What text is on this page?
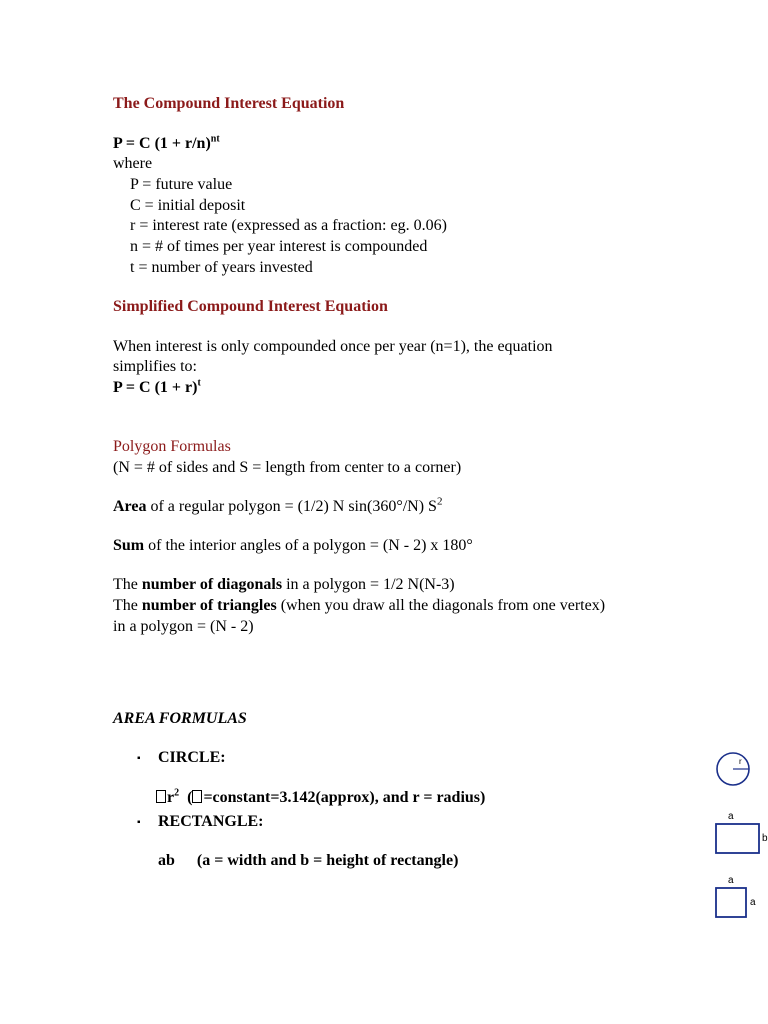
The Compound Interest Equation
P = C $(1 + r/n)^{nt}$
where
P = future value
C = initial deposit
r = interest rate (expressed as a fraction: eg. 0.06)
n = # of times per year interest is compounded
t = number of years invested
Simplified Compound Interest Equation
When interest is only compounded once per year (n=1), the equation
simplifies to:
P = C $(1 + r)^t$
Polygon Formulas
(N = # of sides and S = length from center to a corner)
Area of a regular polygon = (1/2) N sin(360°/N) $S^2$
Sum of the interior angles of a polygon = (N - 2) x 180°
The number of diagonals in a polygon = 1/2 N(N-3)
The number of triangles (when you draw all the diagonals from one vertex)
in a polygon = (N - 2)
AREA FORMULAS
▪ CIRCLE:
$r^2$  ( =constant=3.142(approx), and r = radius)
▪ RECTANGLE:
ab (a = width and b = height of rectangle)
r
a
b
a
a
